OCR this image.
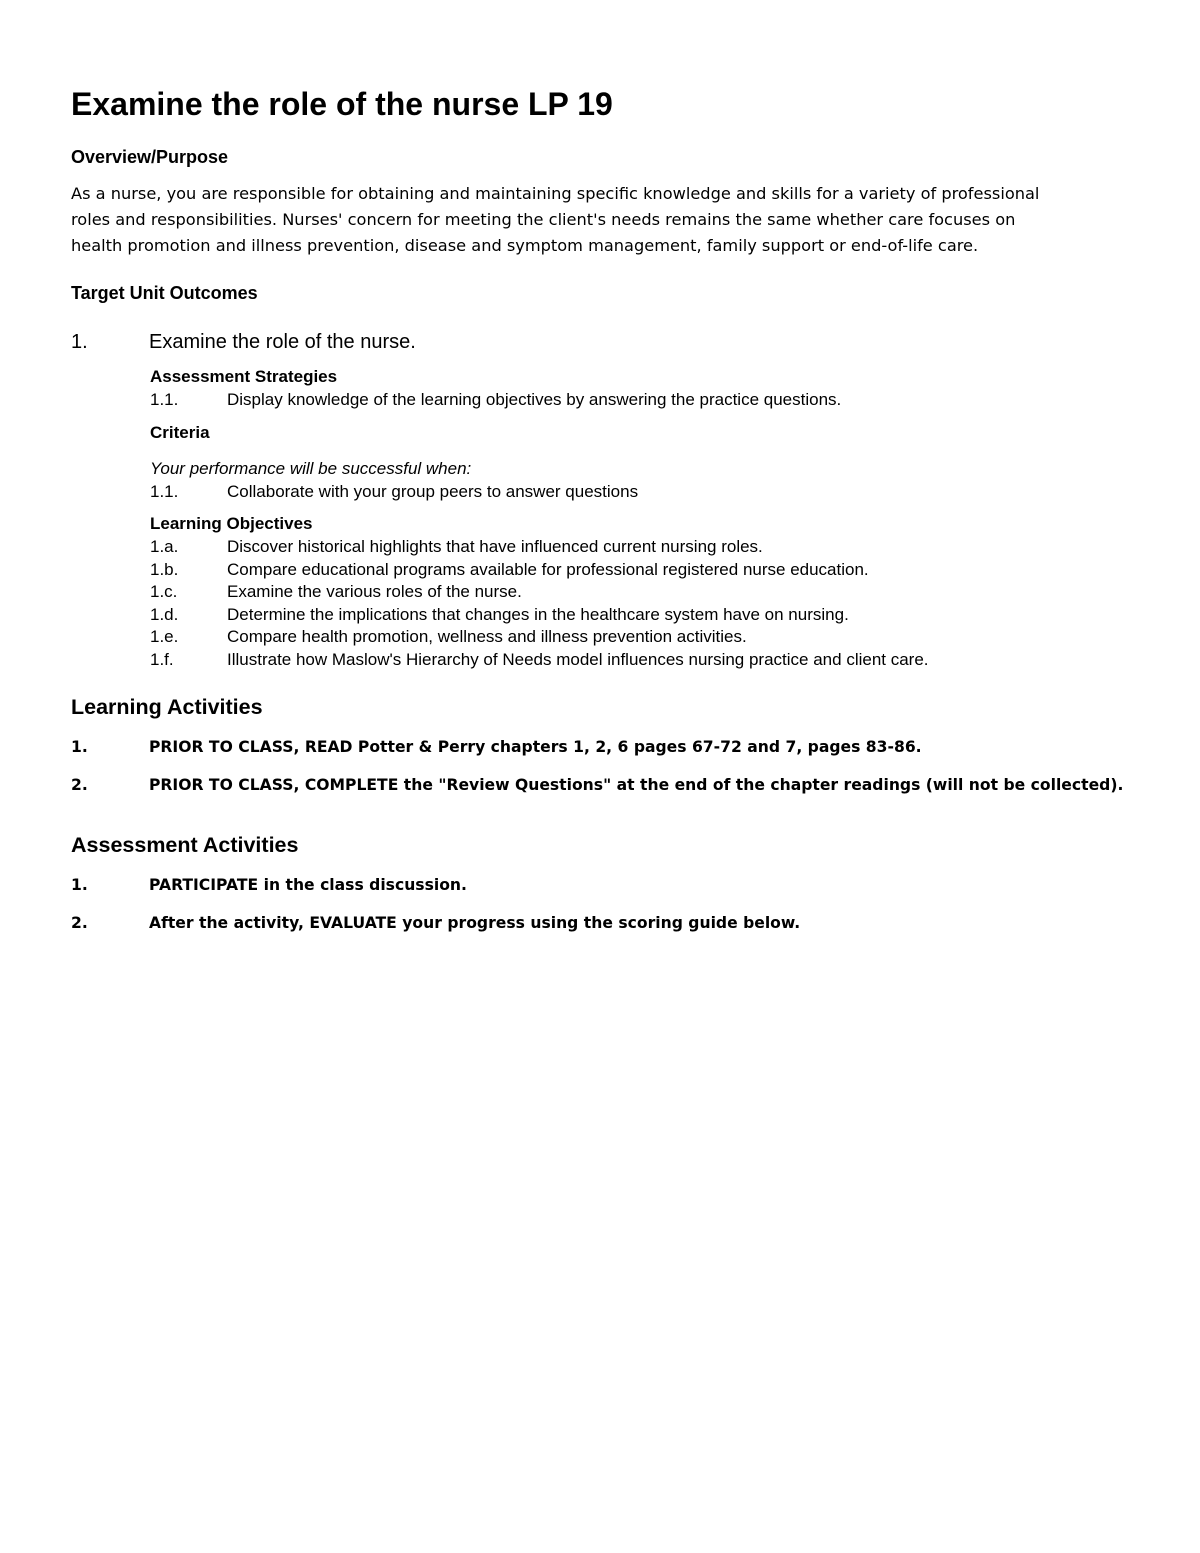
Examine the role of the nurse LP 19

Overview/Purpose

As a nurse, you are responsible for obtaining and maintaining specific knowledge and skills for a variety of professional

roles and responsibilities. Nurses' concern for meeting the client's needs remains the same whether care focuses on

health promotion and illness prevention, disease and symptom management, family support or end-of-life care.

Target Unit Outcomes

1.	Examine the role of the nurse.

Assessment Strategies

1.1.	Display knowledge of the learning objectives by answering the practice questions.

Criteria

Your performance will be successful when:
1.1.	Collaborate with your group peers to answer questions

Learning Objectives

1.a.	Discover historical highlights that have influenced current nursing roles.
1.b.	Compare educational programs available for professional registered nurse education.
1.c.	Examine the various roles of the nurse.
1.d.	Determine the implications that changes in the healthcare system have on nursing.
1.e.	Compare health promotion, wellness and illness prevention activities.
1.f.	Illustrate how Maslow's Hierarchy of Needs model influences nursing practice and client care.

Learning Activities

1.	PRIOR TO CLASS, READ Potter & Perry chapters 1, 2, 6 pages 67-72 and 7, pages 83-86.
2.	PRIOR TO CLASS, COMPLETE the "Review Questions" at the end of the chapter readings (will not be collected).

Assessment Activities

1.	PARTICIPATE in the class discussion.
2.	After the activity, EVALUATE your progress using the scoring guide below.
